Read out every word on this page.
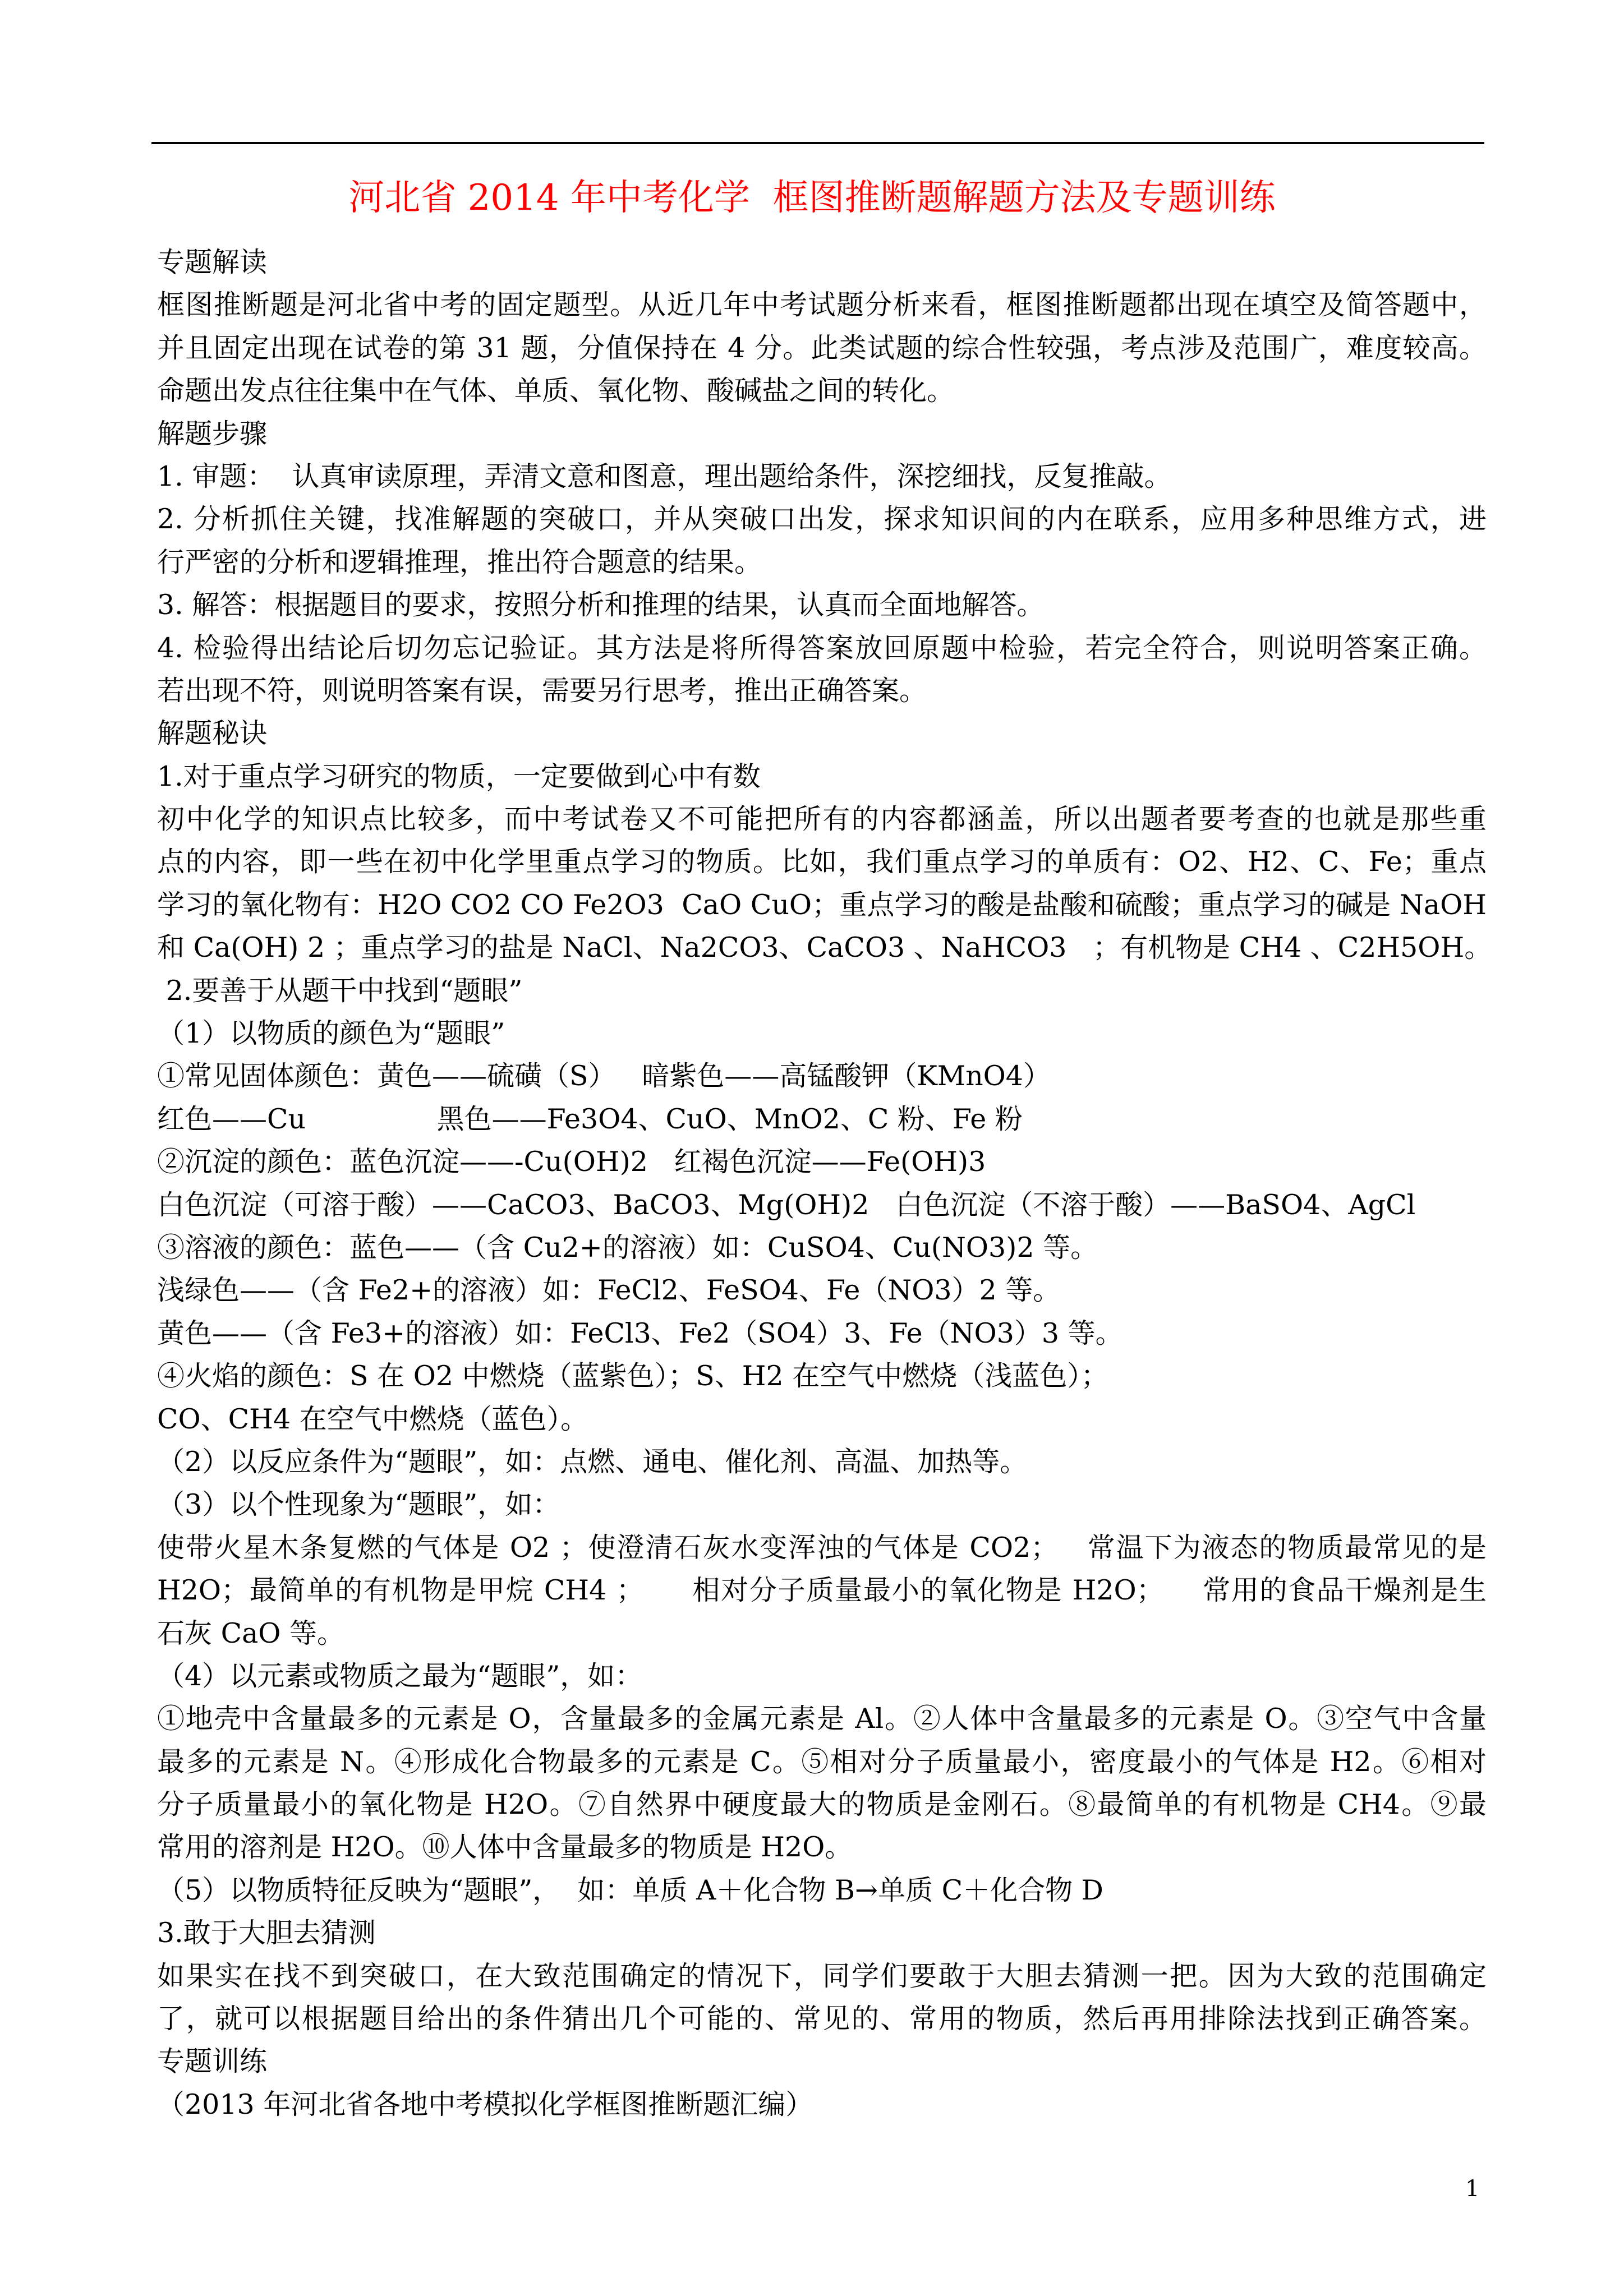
河北省 2014 年中考化学  框图推断题解题方法及专题训练
专题解读
框图推断题是河北省中考的固定题型。从近几年中考试题分析来看，框图推断题都出现在填空及简答题中，
并且固定出现在试卷的第 31 题，分值保持在 4 分。此类试题的综合性较强，考点涉及范围广，难度较高。
命题出发点往往集中在气体、单质、氧化物、酸碱盐之间的转化。
解题步骤
1. 审题：  认真审读原理，弄清文意和图意，理出题给条件，深挖细找，反复推敲。
2. 分析抓住关键，找准解题的突破口，并从突破口出发，探求知识间的内在联系，应用多种思维方式，进
行严密的分析和逻辑推理，推出符合题意的结果。
3. 解答：根据题目的要求，按照分析和推理的结果，认真而全面地解答。
4. 检验得出结论后切勿忘记验证。其方法是将所得答案放回原题中检验，若完全符合，则说明答案正确。
若出现不符，则说明答案有误，需要另行思考，推出正确答案。
解题秘诀
1.对于重点学习研究的物质，一定要做到心中有数
初中化学的知识点比较多，而中考试卷又不可能把所有的内容都涵盖，所以出题者要考查的也就是那些重
点的内容，即一些在初中化学里重点学习的物质。比如，我们重点学习的单质有：O2、H2、C、Fe；重点
学习的氧化物有：H2O CO2 CO Fe2O3  CaO CuO；重点学习的酸是盐酸和硫酸；重点学习的碱是 NaOH
和 Ca(OH) 2 ；重点学习的盐是 NaCl、Na2CO3、CaCO3 、NaHCO3   ；有机物是 CH4 、C2H5OH。
2.要善于从题干中找到“题眼”
（1）以物质的颜色为“题眼”
①常见固体颜色：黄色——硫磺（S）   暗紫色——高锰酸钾（KMnO4）
红色——Cu               黑色——Fe3O4、CuO、MnO2、C 粉、Fe 粉
②沉淀的颜色：蓝色沉淀——-Cu(OH)2   红褐色沉淀——Fe(OH)3
白色沉淀（可溶于酸）——CaCO3、BaCO3、Mg(OH)2   白色沉淀（不溶于酸）——BaSO4、AgCl
③溶液的颜色：蓝色——（含 Cu2+的溶液）如：CuSO4、Cu(NO3)2 等。
浅绿色——（含 Fe2+的溶液）如：FeCl2、FeSO4、Fe（NO3）2 等。
黄色——（含 Fe3+的溶液）如：FeCl3、Fe2（SO4）3、Fe（NO3）3 等。
④火焰的颜色：S 在 O2 中燃烧（蓝紫色）；S、H2 在空气中燃烧（浅蓝色）；
CO、CH4 在空气中燃烧（蓝色）。
（2）以反应条件为“题眼”，如：点燃、通电、催化剂、高温、加热等。
（3）以个性现象为“题眼”，如：
使带火星木条复燃的气体是 O2 ；使澄清石灰水变浑浊的气体是 CO2；   常温下为液态的物质最常见的是
H2O；最简单的有机物是甲烷 CH4 ；     相对分子质量最小的氧化物是 H2O；    常用的食品干燥剂是生
石灰 CaO 等。
（4）以元素或物质之最为“题眼”，如：
①地壳中含量最多的元素是 O，含量最多的金属元素是 Al。②人体中含量最多的元素是 O。③空气中含量
最多的元素是 N。④形成化合物最多的元素是 C。⑤相对分子质量最小，密度最小的气体是 H2。⑥相对
分子质量最小的氧化物是 H2O。⑦自然界中硬度最大的物质是金刚石。⑧最简单的有机物是 CH4。⑨最
常用的溶剂是 H2O。⑩人体中含量最多的物质是 H2O。
（5）以物质特征反映为“题眼”，  如：单质 A＋化合物 B→单质 C＋化合物 D
3.敢于大胆去猜测
如果实在找不到突破口，在大致范围确定的情况下，同学们要敢于大胆去猜测一把。因为大致的范围确定
了，就可以根据题目给出的条件猜出几个可能的、常见的、常用的物质，然后再用排除法找到正确答案。
专题训练
（2013 年河北省各地中考模拟化学框图推断题汇编）
1
